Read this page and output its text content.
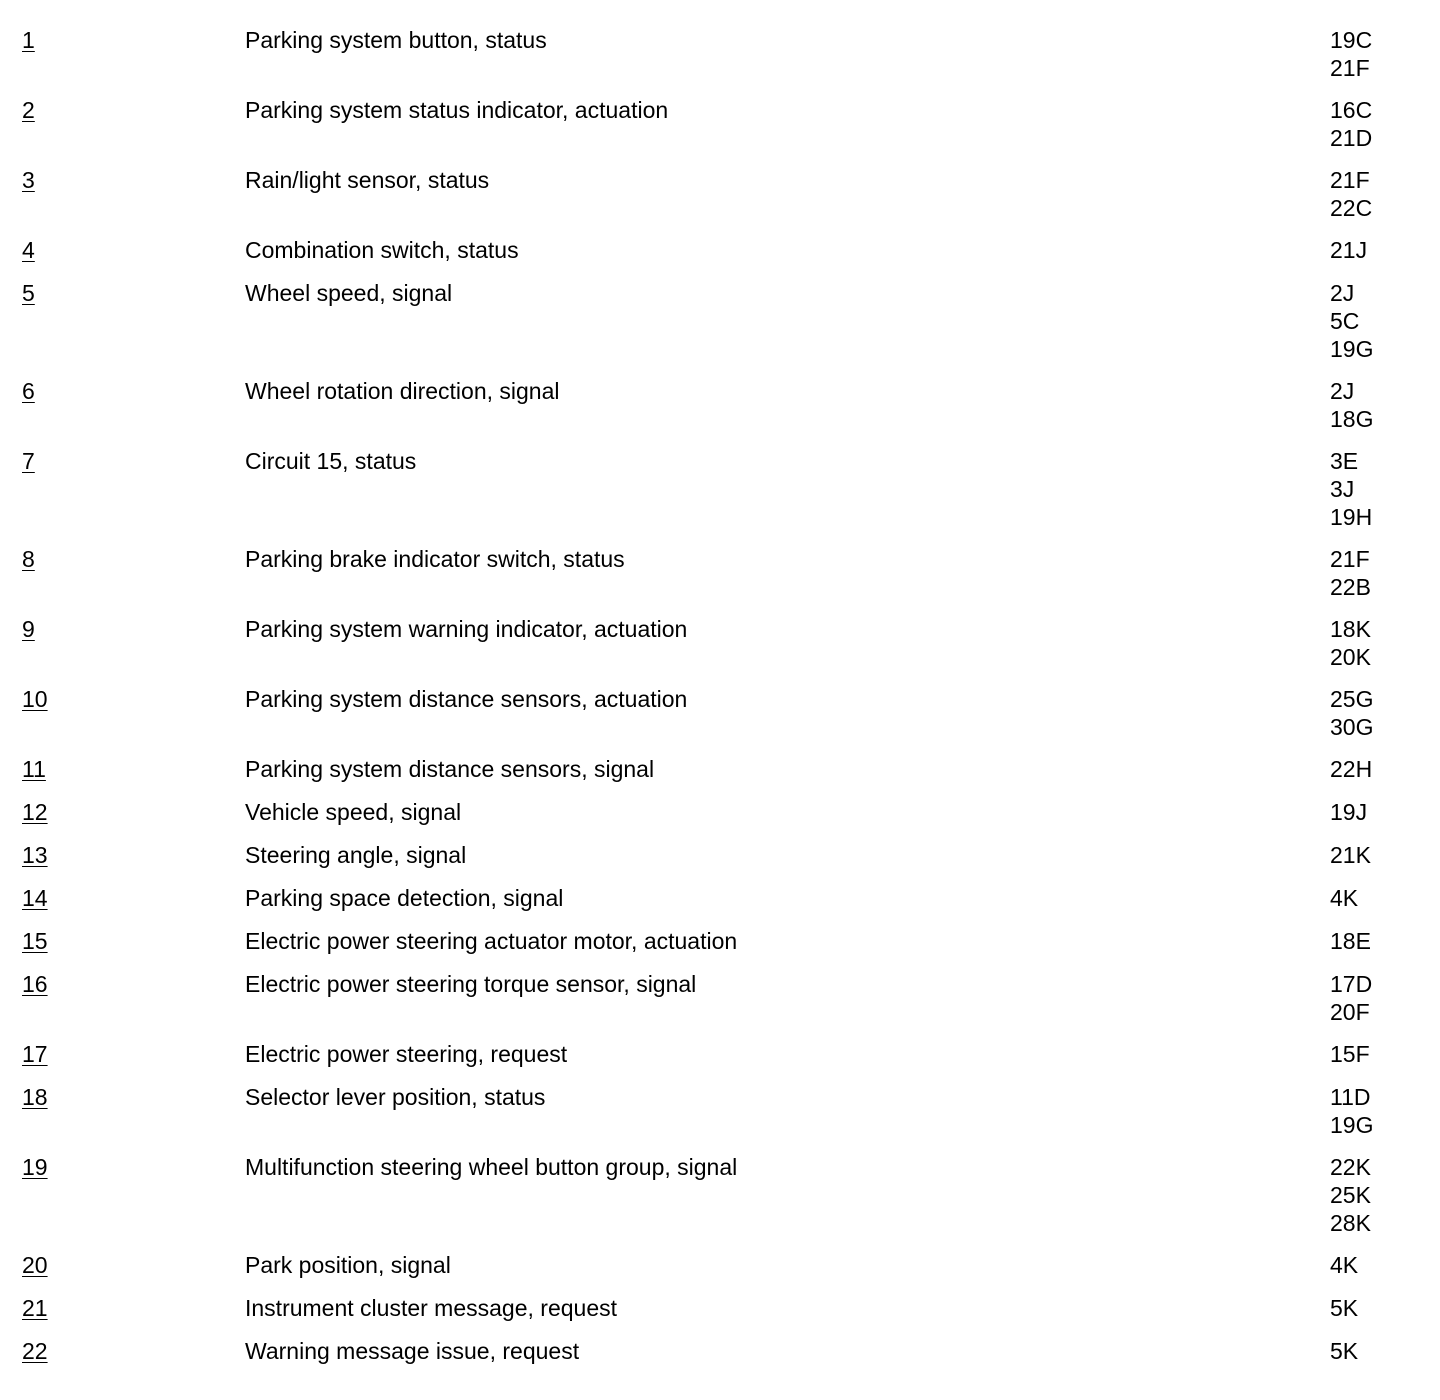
1	Parking system button, status	19C
21F
2	Parking system status indicator, actuation	16C
21D
3	Rain/light sensor, status	21F
22C
4	Combination switch, status	21J
5	Wheel speed, signal	2J
5C
19G
6	Wheel rotation direction, signal	2J
18G
7	Circuit 15, status	3E
3J
19H
8	Parking brake indicator switch, status	21F
22B
9	Parking system warning indicator, actuation	18K
20K
10	Parking system distance sensors, actuation	25G
30G
11	Parking system distance sensors, signal	22H
12	Vehicle speed, signal	19J
13	Steering angle, signal	21K
14	Parking space detection, signal	4K
15	Electric power steering actuator motor, actuation	18E
16	Electric power steering torque sensor, signal	17D
20F
17	Electric power steering, request	15F
18	Selector lever position, status	11D
19G
19	Multifunction steering wheel button group, signal	22K
25K
28K
20	Park position, signal	4K
21	Instrument cluster message, request	5K
22	Warning message issue, request	5K
